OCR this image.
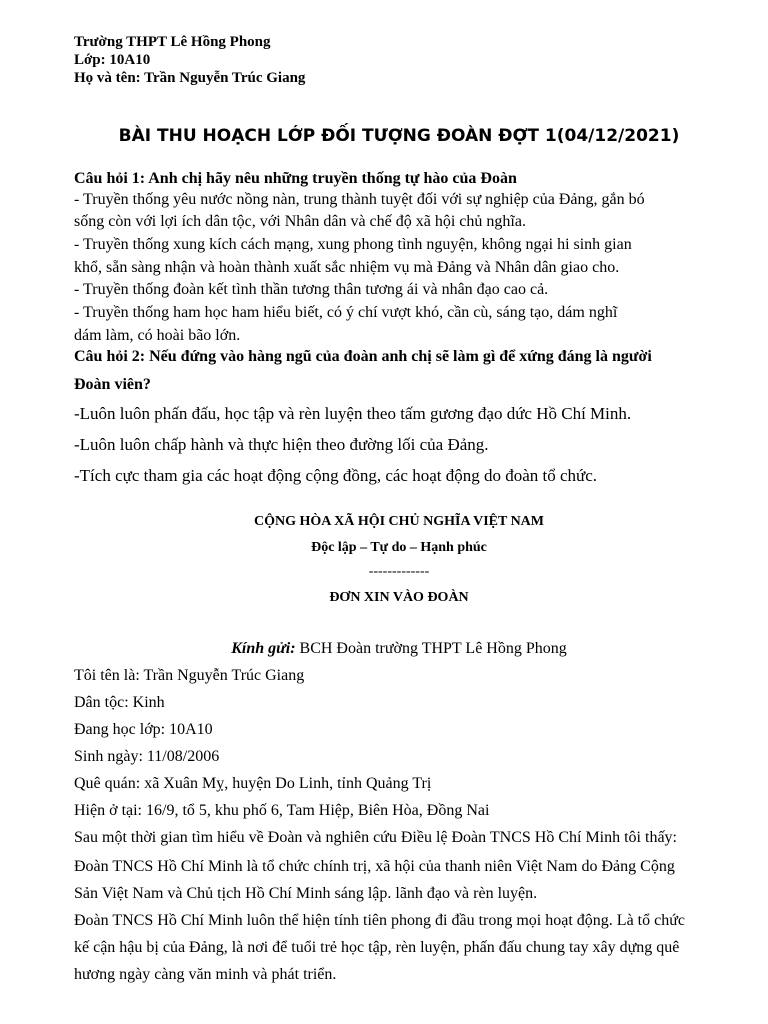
Trường THPT Lê Hồng Phong
Lớp: 10A10
Họ và tên: Trần Nguyễn Trúc Giang
BÀI THU HOẠCH LỚP ĐỐI TƯỢNG ĐOÀN ĐỢT 1(04/12/2021)
Câu hỏi 1: Anh chị hãy nêu những truyền thống tự hào của Đoàn
- Truyền thống yêu nước nồng nàn, trung thành tuyệt đối với sự nghiệp của Đảng, gắn bó
sống còn với lợi ích dân tộc, với Nhân dân và chế độ xã hội chủ nghĩa.
- Truyền thống xung kích cách mạng, xung phong tình nguyện, không ngại hi sinh gian
khổ, sẵn sàng nhận và hoàn thành xuất sắc nhiệm vụ mà Đảng và Nhân dân giao cho.
- Truyền thống đoàn kết tình thần tương thân tương ái và nhân đạo cao cả.
- Truyền thống ham học ham hiểu biết, có ý chí vượt khó, cần cù, sáng tạo, dám nghĩ
dám làm, có hoài bão lớn.
Câu hỏi 2: Nếu đứng vào hàng ngũ của đoàn anh chị sẽ làm gì để xứng đáng là người
Đoàn viên?
-Luôn luôn phấn đấu, học tập và rèn luyện theo tấm gương đạo dức Hồ Chí Minh.
-Luôn luôn chấp hành và thực hiện theo đường lối của Đảng.
-Tích cực tham gia các hoạt động cộng đồng, các hoạt động do đoàn tổ chức.
CỘNG HÒA XÃ HỘI CHỦ NGHĨA VIỆT NAM
Độc lập – Tự do – Hạnh phúc
-------------
ĐƠN XIN VÀO ĐOÀN
Kính gửi: BCH Đoàn trường THPT Lê Hồng Phong
Tôi tên là: Trần Nguyễn Trúc Giang
Dân tộc: Kinh
Đang học lớp: 10A10
Sinh ngày: 11/08/2006
Quê quán: xã Xuân Mỵ, huyện Do Linh, tỉnh Quảng Trị
Hiện ở tại: 16/9, tổ 5, khu phố 6, Tam Hiệp, Biên Hòa, Đồng Nai
Sau một thời gian tìm hiểu về Đoàn và nghiên cứu Điều lệ Đoàn TNCS Hồ Chí Minh tôi thấy:
Đoàn TNCS Hồ Chí Minh là tổ chức chính trị, xã hội của thanh niên Việt Nam do Đảng Cộng
Sản Việt Nam và Chủ tịch Hồ Chí Minh sáng lập. lãnh đạo và rèn luyện.
Đoàn TNCS Hồ Chí Minh luôn thể hiện tính tiên phong đi đầu trong mọi hoạt động. Là tổ chức
kế cận hậu bị của Đảng, là nơi để tuổi trẻ học tập, rèn luyện, phấn đấu chung tay xây dựng quê
hương ngày càng văn minh và phát triển.
